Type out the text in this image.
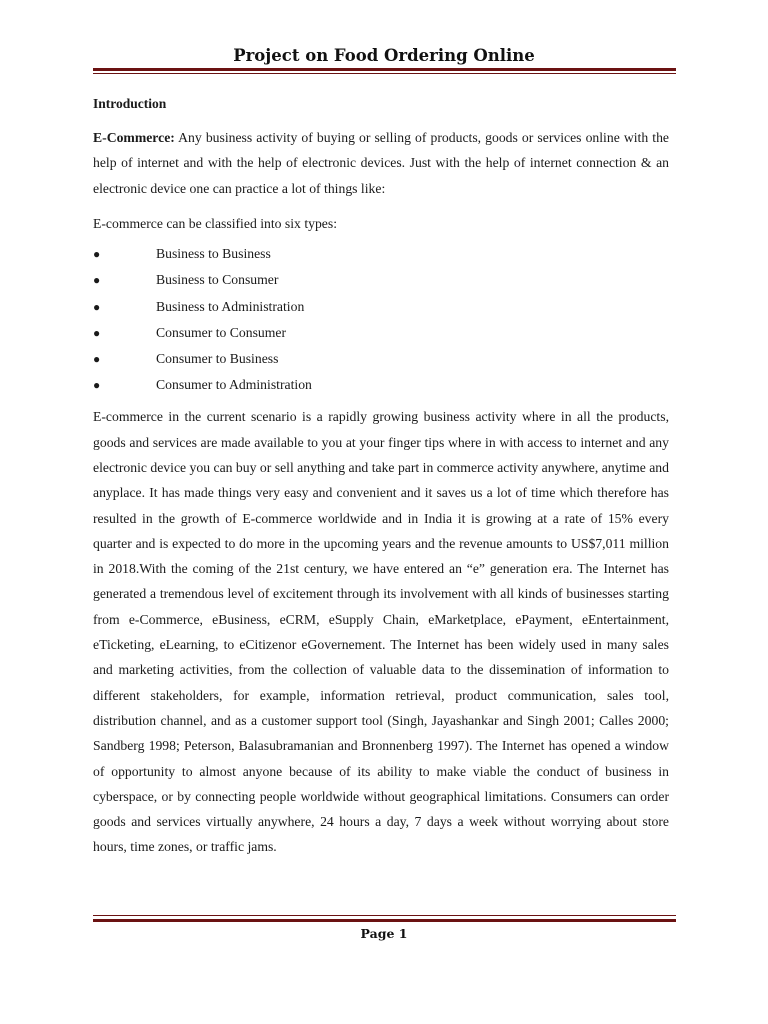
Project on Food Ordering Online

Introduction

E-Commerce: Any business activity of buying or selling of products, goods or services online with the help of internet and with the help of electronic devices. Just with the help of internet connection & an electronic device one can practice a lot of things like:

E-commerce can be classified into six types:

●	Business to Business
●	Business to Consumer
●	Business to Administration
●	Consumer to Consumer
●	Consumer to Business
●	Consumer to Administration

E-commerce in the current scenario is a rapidly growing business activity where in all the products, goods and services are made available to you at your finger tips where in with access to internet and any electronic device you can buy or sell anything and take part in commerce activity anywhere, anytime and anyplace. It has made things very easy and convenient and it saves us a lot of time which therefore has resulted in the growth of E-commerce worldwide and in India it is growing at a rate of 15% every quarter and is expected to do more in the upcoming years and the revenue amounts to US$7,011 million in 2018.With the coming of the 21st century, we have entered an “e” generation era. The Internet has generated a tremendous level of excitement through its involvement with all kinds of businesses starting from e-Commerce, eBusiness, eCRM, eSupply Chain, eMarketplace, ePayment, eEntertainment, eTicketing, eLearning, to eCitizenor eGovernement. The Internet has been widely used in many sales and marketing activities, from the collection of valuable data to the dissemination of information to different stakeholders, for example, information retrieval, product communication, sales tool, distribution channel, and as a customer support tool (Singh, Jayashankar and Singh 2001; Calles 2000; Sandberg 1998; Peterson, Balasubramanian and Bronnenberg 1997). The Internet has opened a window of opportunity to almost anyone because of its ability to make viable the conduct of business in cyberspace, or by connecting people worldwide without geographical limitations. Consumers can order goods and services virtually anywhere, 24 hours a day, 7 days a week without worrying about store hours, time zones, or traffic jams.

Page 1
